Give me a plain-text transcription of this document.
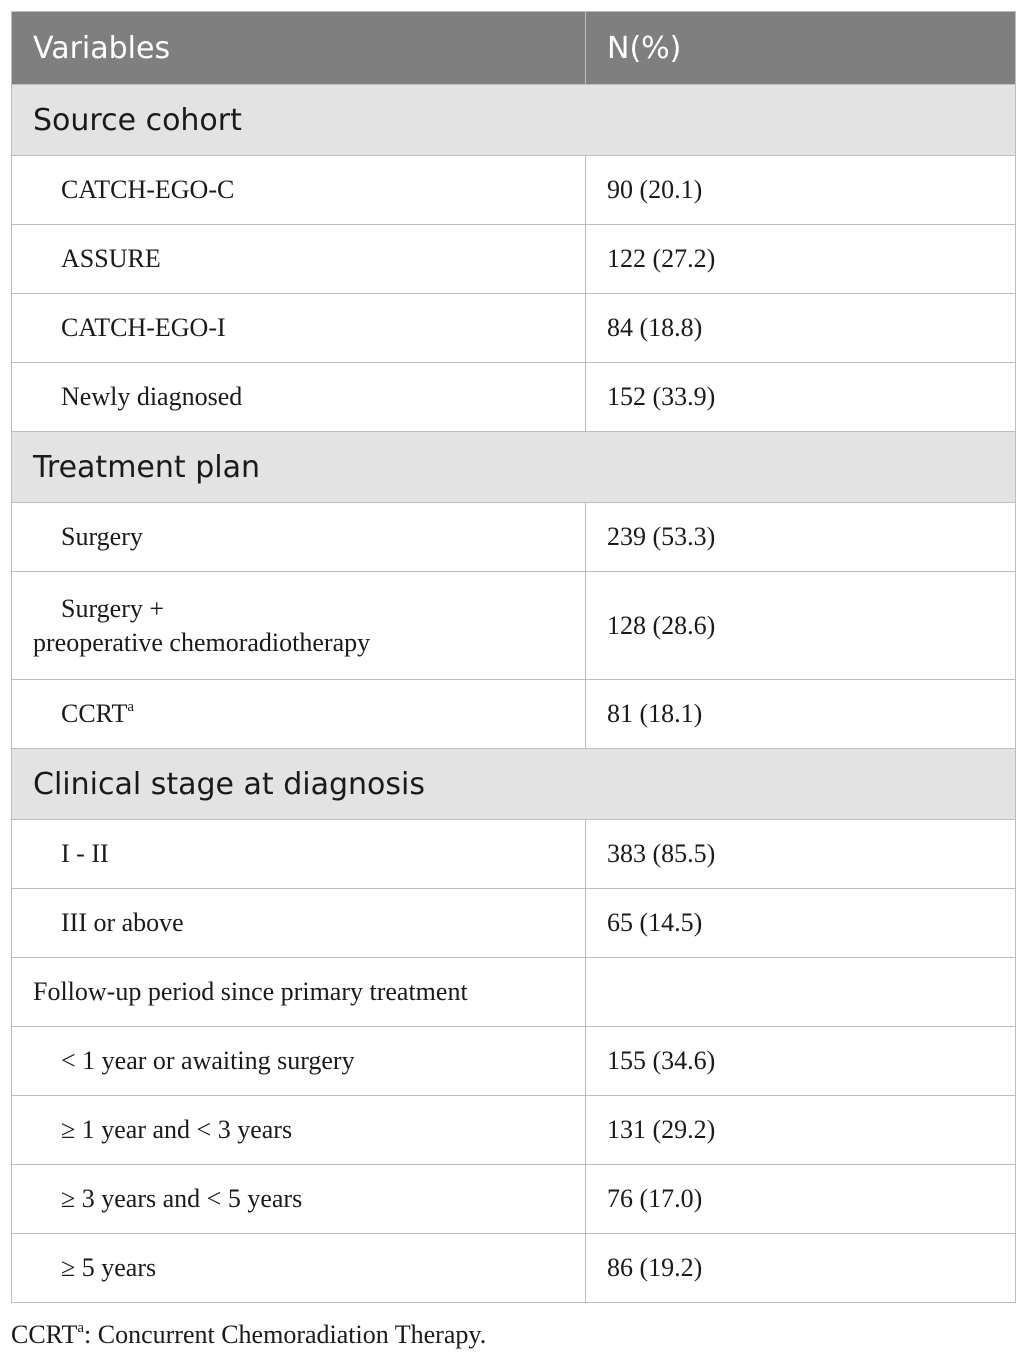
Variables	N(%)
Source cohort	
CATCH-EGO-C	90 (20.1)
ASSURE	122 (27.2)
CATCH-EGO-I	84 (18.8)
Newly diagnosed	152 (33.9)
Treatment plan	
Surgery	239 (53.3)
Surgery +
preoperative chemoradiotherapy	128 (28.6)
CCRT$^a$	81 (18.1)
Clinical stage at diagnosis	
I - II	383 (85.5)
III or above	65 (14.5)
Follow-up period since primary treatment	
< 1 year or awaiting surgery	155 (34.6)
≥ 1 year and < 3 years	131 (29.2)
≥ 3 years and < 5 years	76 (17.0)
≥ 5 years	86 (19.2)
CCRT$^a$: Concurrent Chemoradiation Therapy.
